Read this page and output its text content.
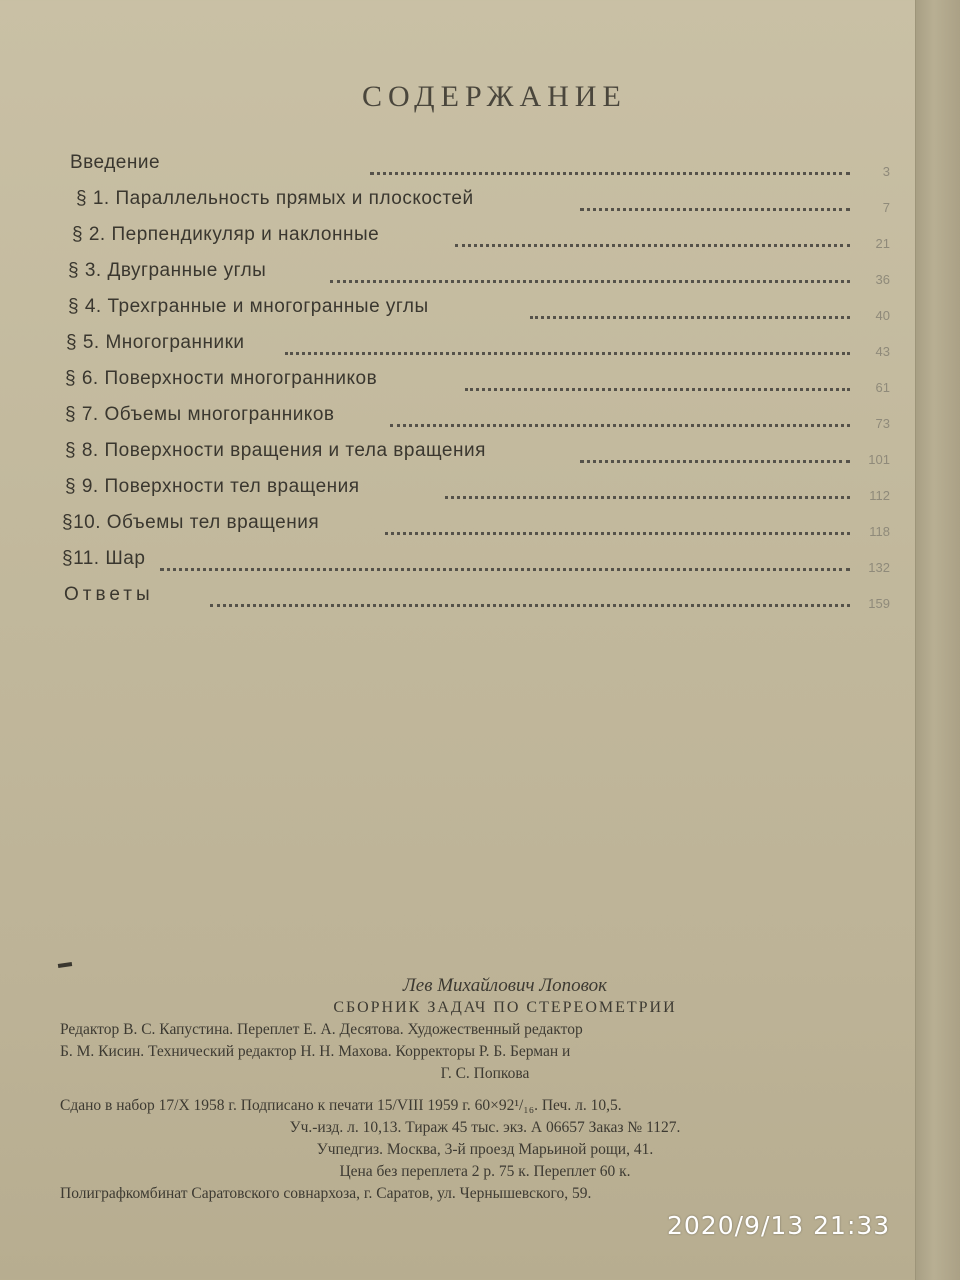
СОДЕРЖАНИЕ
Введение	3
§ 1. Параллельность прямых и плоскостей	7
§ 2. Перпендикуляр и наклонные	21
§ 3. Двугранные углы	36
§ 4. Трехгранные и многогранные углы	40
§ 5. Многогранники	43
§ 6. Поверхности многогранников	61
§ 7. Объемы многогранников	73
§ 8. Поверхности вращения и тела вращения	101
§ 9. Поверхности тел вращения	112
§10. Объемы тел вращения	118
§11. Шар	132
Ответы	159
Лев Михайлович Лоповок
СБОРНИК ЗАДАЧ ПО СТЕРЕОМЕТРИИ

Редактор В. С. Капустина. Переплет Е. А. Десятова. Художественный редактор

Б. М. Кисин. Технический редактор Н. Н. Махова. Корректоры Р. Б. Берман и

Г. С. Попкова

Сдано в набор 17/X 1958 г. Подписано к печати 15/VIII 1959 г. 60×92¹/₁₆. Печ. л. 10,5.

Уч.-изд. л. 10,13. Тираж 45 тыс. экз. А 06657 Заказ № 1127.

Учпедгиз. Москва, 3-й проезд Марьиной рощи, 41.

Цена без переплета 2 р. 75 к. Переплет 60 к.

Полиграфкомбинат Саратовского совнархоза, г. Саратов, ул. Чернышевского, 59.

2020/9/13 21:33
